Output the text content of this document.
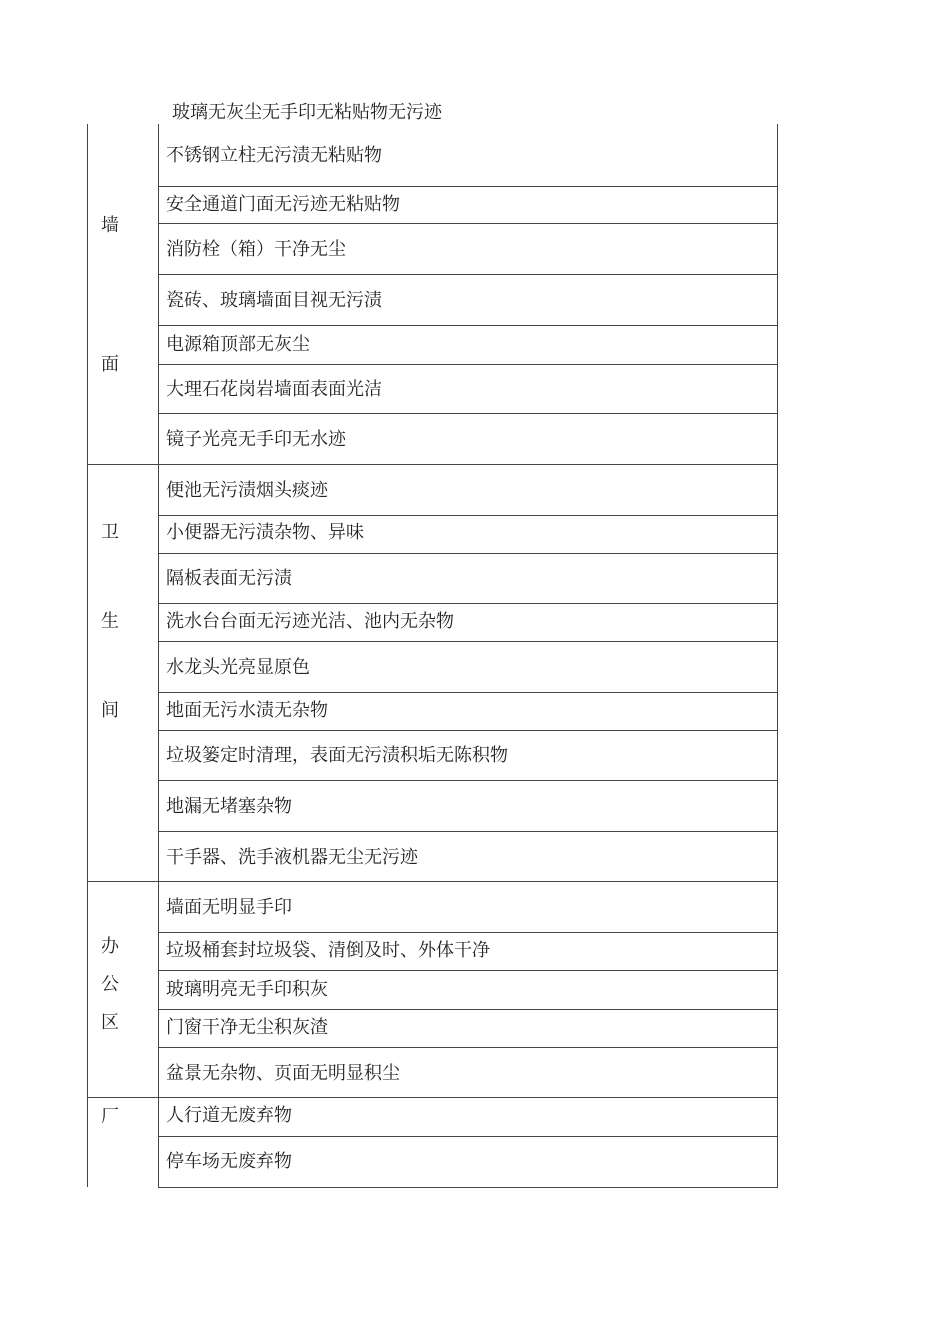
玻璃无灰尘无手印无粘贴物无污迹
墙
面
卫
生
间
办
公
区
厂
不锈钢立柱无污渍无粘贴物
安全通道门面无污迹无粘贴物
消防栓（箱）干净无尘
瓷砖、玻璃墙面目视无污渍
电源箱顶部无灰尘
大理石花岗岩墙面表面光洁
镜子光亮无手印无水迹
便池无污渍烟头痰迹
小便器无污渍杂物、异味
隔板表面无污渍
洗水台台面无污迹光洁、池内无杂物
水龙头光亮显原色
地面无污水渍无杂物
垃圾篓定时清理，表面无污渍积垢无陈积物
地漏无堵塞杂物
干手器、洗手液机器无尘无污迹
墙面无明显手印
垃圾桶套封垃圾袋、清倒及时、外体干净
玻璃明亮无手印积灰
门窗干净无尘积灰渣
盆景无杂物、页面无明显积尘
人行道无废弃物
停车场无废弃物
